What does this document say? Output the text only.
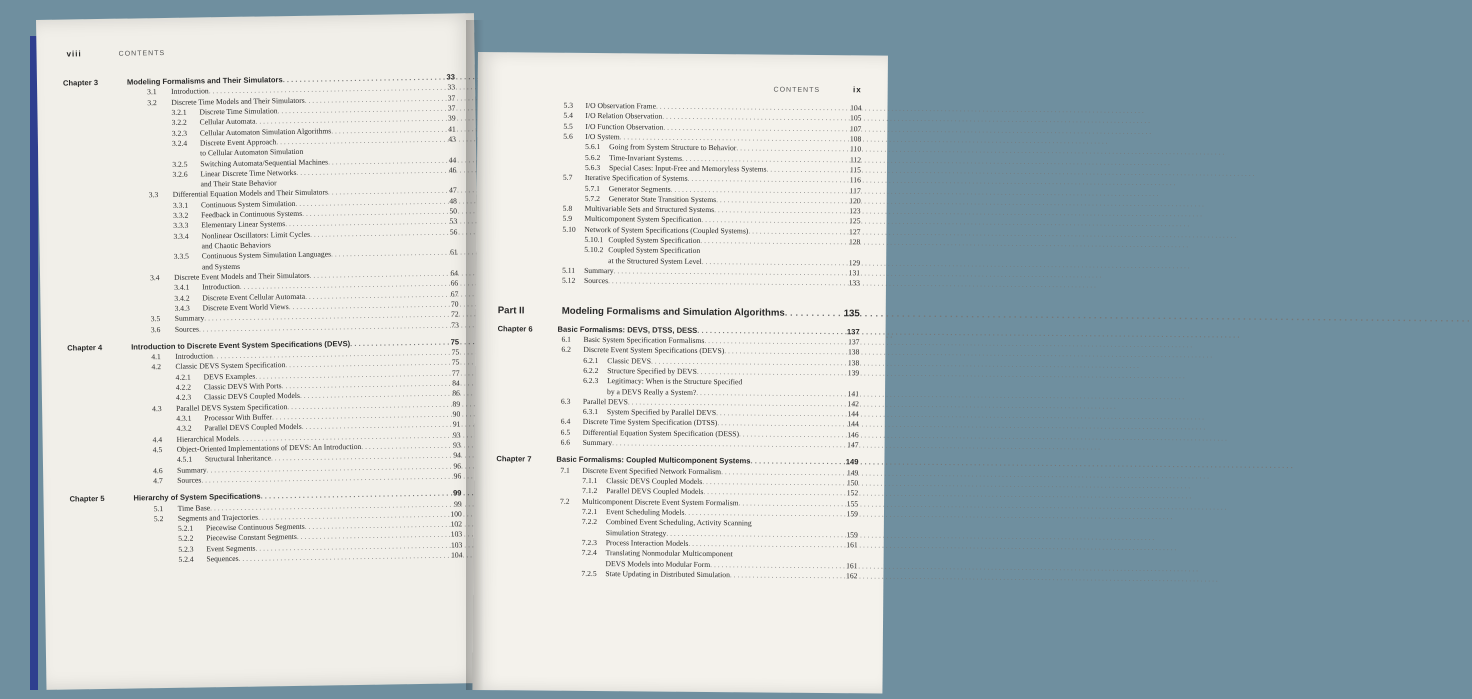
viii	CONTENTS
Chapter 3	Modeling Formalisms and Their Simulators . . .	33
3.1	Introduction . . .	33
3.2	Discrete Time Models and Their Simulators . . .	37
3.2.1	Discrete Time Simulation . . .	37
3.2.2	Cellular Automata . . .	39
3.2.3	Cellular Automaton Simulation Algorithms . . .	41
3.2.4	Discrete Event Approach . . .	43
to Cellular Automaton Simulation
3.2.5	Switching Automata/Sequential Machines . . .	44
3.2.6	Linear Discrete Time Networks . . .	46
and Their State Behavior
3.3	Differential Equation Models and Their Simulators . . .	47
3.3.1	Continuous System Simulation . . .	48
3.3.2	Feedback in Continuous Systems . . .	50
3.3.3	Elementary Linear Systems . . .	53
3.3.4	Nonlinear Oscillators: Limit Cycles . . .	56
and Chaotic Behaviors
3.3.5	Continuous System Simulation Languages . . .	61
and Systems
3.4	Discrete Event Models and Their Simulators . . .	64
3.4.1	Introduction . . .	66
3.4.2	Discrete Event Cellular Automata . . .	67
3.4.3	Discrete Event World Views . . .	70
3.5	Summary . . .	72
3.6	Sources . . .	73
Chapter 4	Introduction to Discrete Event System Specifications (DEVS) . . .	75
4.1	Introduction . . .	75
4.2	Classic DEVS System Specification . . .	75
4.2.1	DEVS Examples . . .	77
4.2.2	Classic DEVS With Ports . . .	84
4.2.3	Classic DEVS Coupled Models . . .	86
4.3	Parallel DEVS System Specification . . .	89
4.3.1	Processor With Buffer . . .	90
4.3.2	Parallel DEVS Coupled Models . . .	91
4.4	Hierarchical Models . . .	93
4.5	Object-Oriented Implementations of DEVS: An Introduction . . .	93
4.5.1	Structural Inheritance . . .	94
4.6	Summary . . .	96
4.7	Sources . . .	96
Chapter 5	Hierarchy of System Specifications . . .	99
5.1	Time Base . . .	99
5.2	Segments and Trajectories . . .	100
5.2.1	Piecewise Continuous Segments . . .	102
5.2.2	Piecewise Constant Segments . . .	103
5.2.3	Event Segments . . .	103
5.2.4	Sequences . . .	104
CONTENTS	ix
5.3	I/O Observation Frame . . .	104
5.4	I/O Relation Observation . . .	105
5.5	I/O Function Observation . . .	107
5.6	I/O System . . .	108
5.6.1	Going from System Structure to Behavior . . .	110
5.6.2	Time-Invariant Systems . . .	112
5.6.3	Special Cases: Input-Free and Memoryless Systems . . .	115
5.7	Iterative Specification of Systems . . .	116
5.7.1	Generator Segments . . .	117
5.7.2	Generator State Transition Systems . . .	120
5.8	Multivariable Sets and Structured Systems . . .	123
5.9	Multicomponent System Specification . . .	125
5.10	Network of System Specifications (Coupled Systems) . . .	127
5.10.1 Coupled System Specification . . .	128
5.10.2 Coupled System Specification
at the Structured System Level . . .	129
5.11	Summary . . .	131
5.12	Sources . . .	133
Part II	Modeling Formalisms and Simulation Algorithms . . .	135
Chapter 6	Basic Formalisms: DEVS, DTSS, DESS . . .	137
6.1	Basic System Specification Formalisms . . .	137
6.2	Discrete Event System Specifications (DEVS) . . .	138
6.2.1	Classic DEVS . . .	138
6.2.2	Structure Specified by DEVS . . .	139
6.2.3	Legitimacy: When is the Structure Specified
by a DEVS Really a System? . . .	141
6.3	Parallel DEVS . . .	142
6.3.1	System Specified by Parallel DEVS . . .	144
6.4	Discrete Time System Specification (DTSS) . . .	144
6.5	Differential Equation System Specification (DESS) . . .	146
6.6	Summary . . .	147
Chapter 7	Basic Formalisms: Coupled Multicomponent Systems . . .	149
7.1	Discrete Event Specified Network Formalism . . .	149
7.1.1	Classic DEVS Coupled Models . . .	150
7.1.2	Parallel DEVS Coupled Models . . .	152
7.2	Multicomponent Discrete Event System Formalism . . .	155
7.2.1	Event Scheduling Models . . .	159
7.2.2	Combined Event Scheduling, Activity Scanning
Simulation Strategy . . .	159
7.2.3	Process Interaction Models . . .	161
7.2.4	Translating Nonmodular Multicomponent
DEVS Models into Modular Form . . .	161
7.2.5	State Updating in Distributed Simulation . . .	162
